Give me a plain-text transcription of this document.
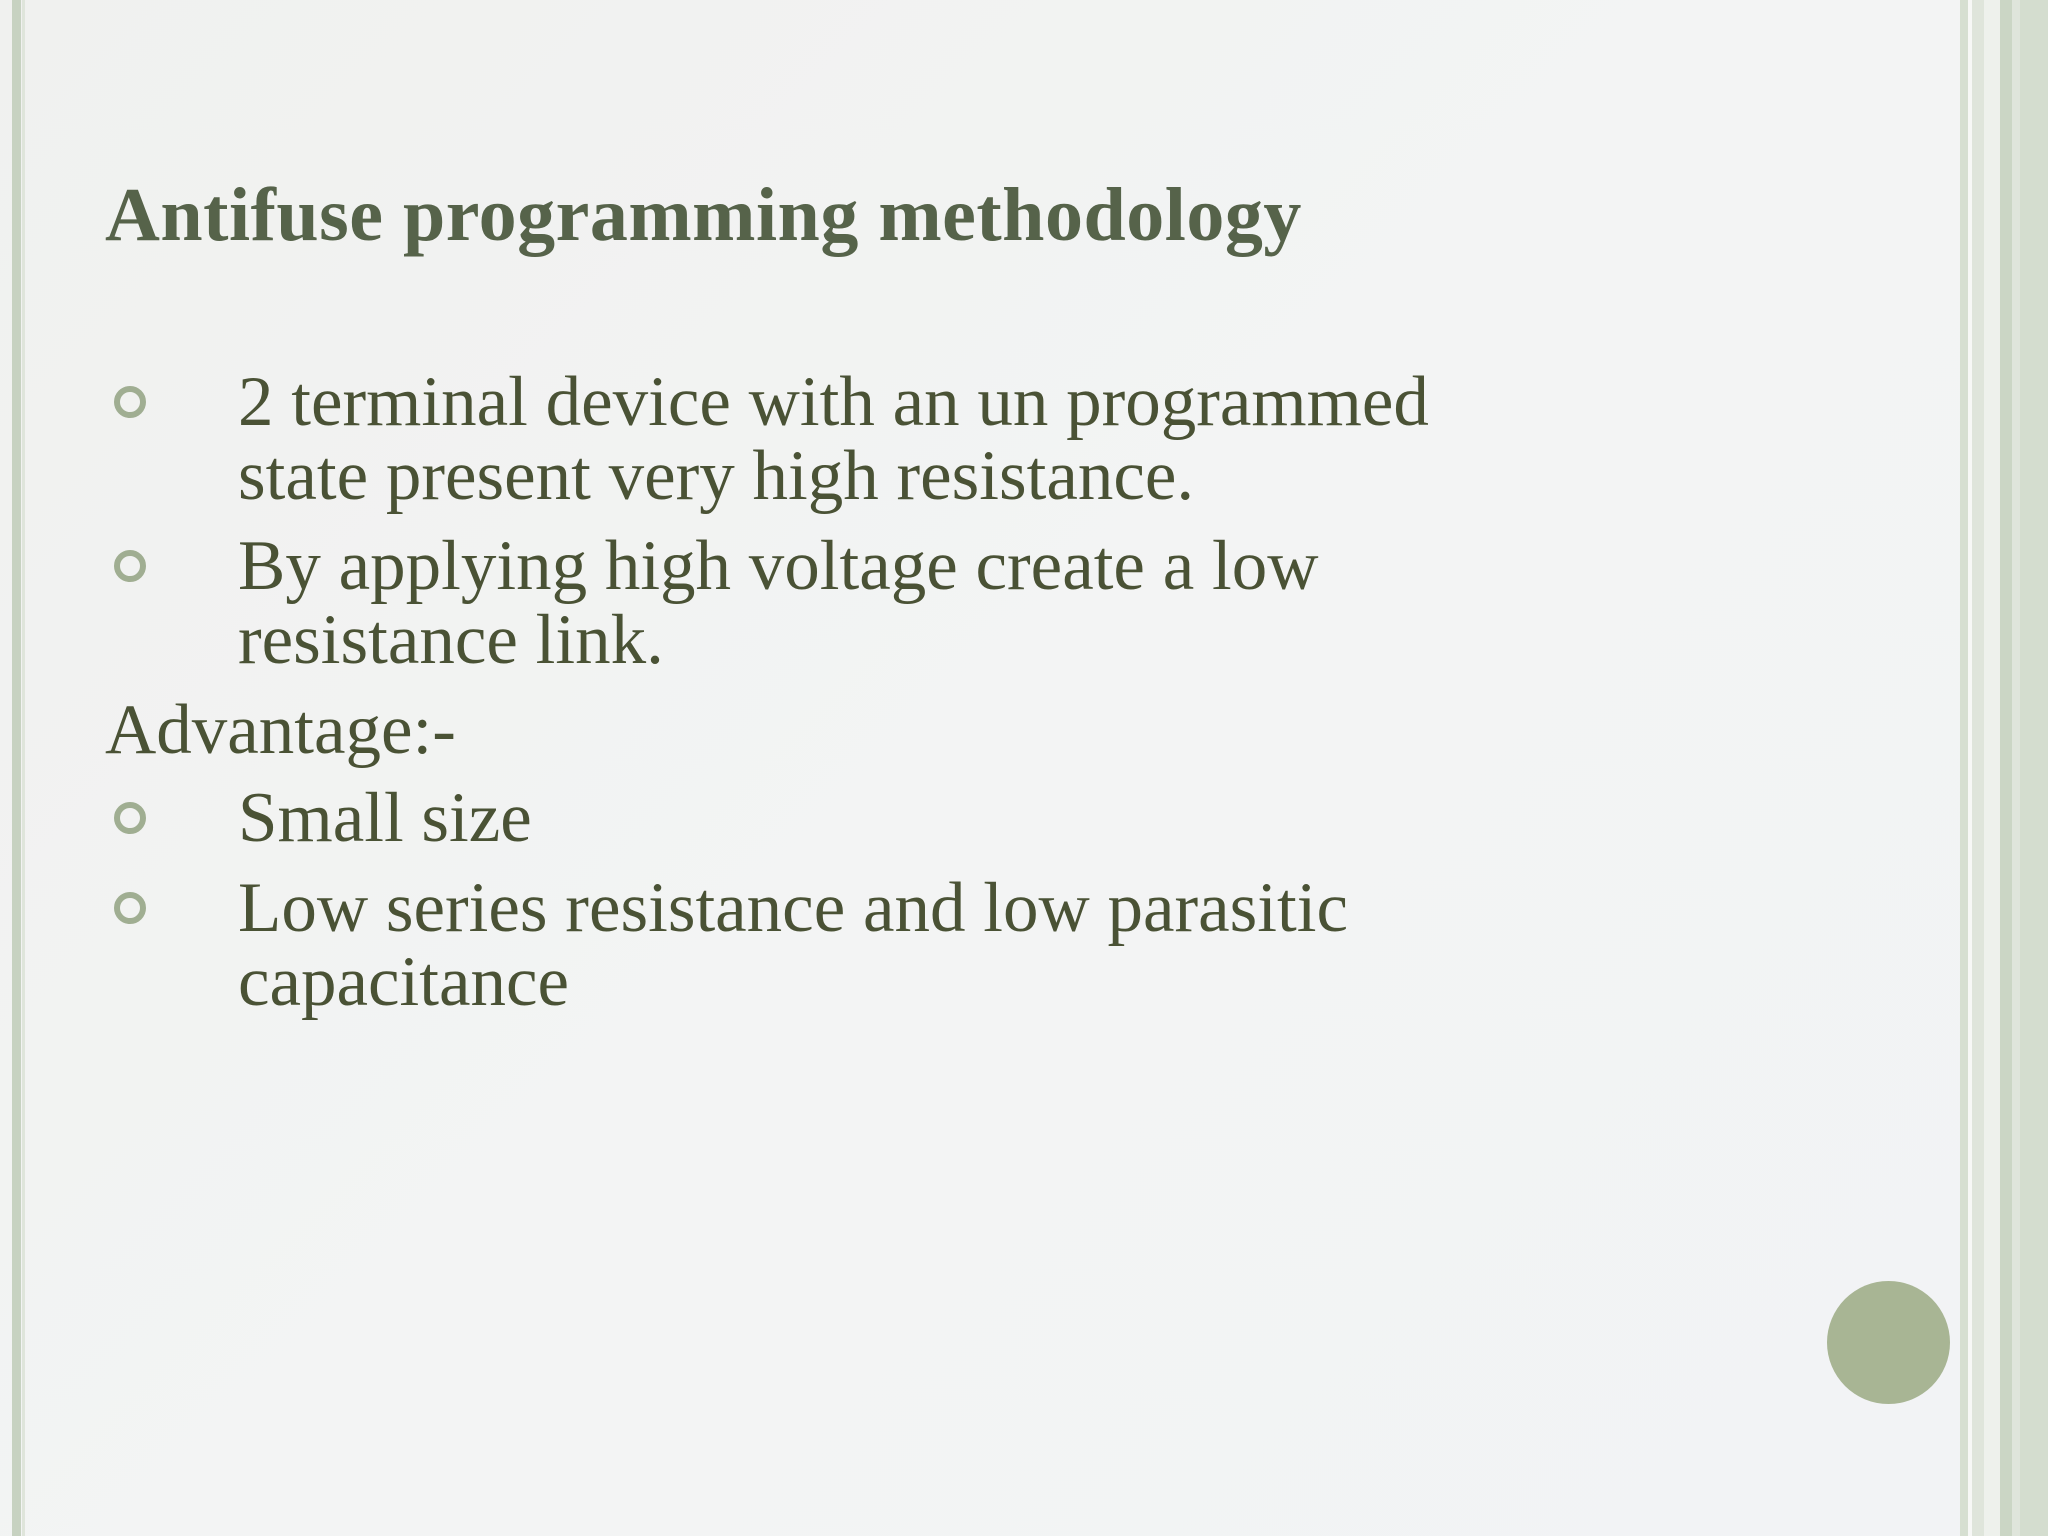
Antifuse programming methodology
2 terminal device with an un programmed
state present very high resistance.
By applying high voltage create a low
resistance link.
Advantage:-
Small size
Low series resistance and low parasitic
capacitance
